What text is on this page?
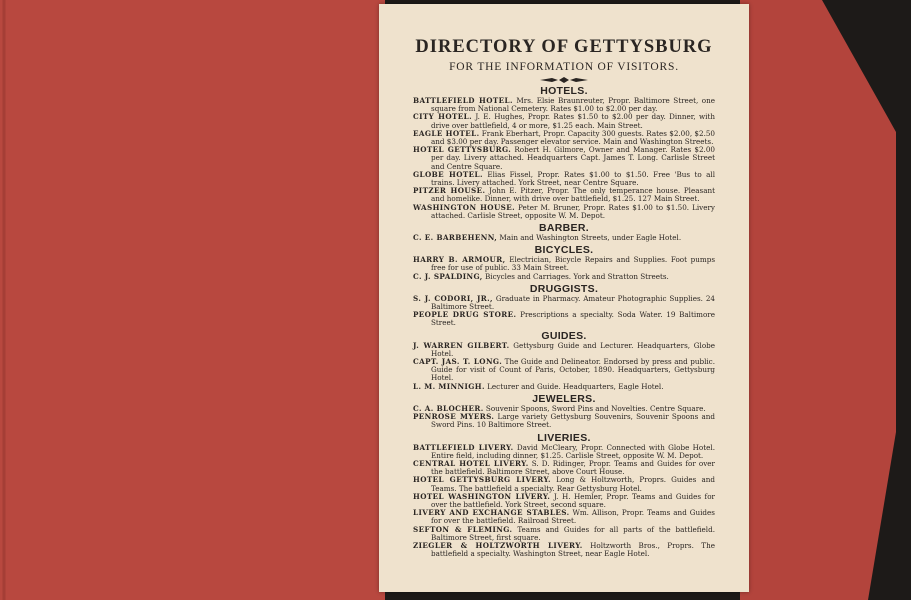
DIRECTORY OF GETTYSBURG
FOR THE INFORMATION OF VISITORS.
HOTELS.

BATTLEFIELD HOTEL. Mrs. Elsie Braunreuter, Propr. Baltimore Street, one square from National Cemetery. Rates $1.00 to $2.00 per day.

CITY HOTEL. J. E. Hughes, Propr. Rates $1.50 to $2.00 per day. Dinner, with drive over battlefield, 4 or more, $1.25 each. Main Street.

EAGLE HOTEL. Frank Eberhart, Propr. Capacity 300 guests. Rates $2.00, $2.50 and $3.00 per day. Passenger elevator service. Main and Washington Streets.

HOTEL GETTYSBURG. Robert H. Gilmore, Owner and Manager. Rates $2.00 per day. Livery attached. Headquarters Capt. James T. Long. Carlisle Street and Centre Square.

GLOBE HOTEL. Elias Fissel, Propr. Rates $1.00 to $1.50. Free 'Bus to all trains. Livery attached. York Street, near Centre Square.

PITZER HOUSE. John E. Pitzer, Propr. The only temperance house. Pleasant and homelike. Dinner, with drive over battlefield, $1.25. 127 Main Street.

WASHINGTON HOUSE. Peter M. Bruner, Propr. Rates $1.00 to $1.50. Livery attached. Carlisle Street, opposite W. M. Depot.

BARBER.

C. E. BARBEHENN, Main and Washington Streets, under Eagle Hotel.

BICYCLES.

HARRY B. ARMOUR, Electrician, Bicycle Repairs and Supplies. Foot pumps free for use of public. 33 Main Street.

C. J. SPALDING, Bicycles and Carriages. York and Stratton Streets.

DRUGGISTS.

S. J. CODORI, JR., Graduate in Pharmacy. Amateur Photographic Supplies. 24 Baltimore Street.

PEOPLE DRUG STORE. Prescriptions a specialty. Soda Water. 19 Baltimore Street.

GUIDES.

J. WARREN GILBERT. Gettysburg Guide and Lecturer. Headquarters, Globe Hotel.

CAPT. JAS. T. LONG. The Guide and Delineator. Endorsed by press and public. Guide for visit of Count of Paris, October, 1890. Headquarters, Gettysburg Hotel.

L. M. MINNIGH. Lecturer and Guide. Headquarters, Eagle Hotel.

JEWELERS.

C. A. BLOCHER. Souvenir Spoons, Sword Pins and Novelties. Centre Square.

PENROSE MYERS. Large variety Gettysburg Souvenirs, Souvenir Spoons and Sword Pins. 10 Baltimore Street.

LIVERIES.

BATTLEFIELD LIVERY. David McCleary, Propr. Connected with Globe Hotel. Entire field, including dinner, $1.25. Carlisle Street, opposite W. M. Depot.

CENTRAL HOTEL LIVERY. S. D. Ridinger, Propr. Teams and Guides for over the battlefield. Baltimore Street, above Court House.

HOTEL GETTYSBURG LIVERY. Long & Holtzworth, Proprs. Guides and Teams. The battlefield a specialty. Rear Gettysburg Hotel.

HOTEL WASHINGTON LIVERY. J. H. Hemler, Propr. Teams and Guides for over the battlefield. York Street, second square.

LIVERY AND EXCHANGE STABLES. Wm. Allison, Propr. Teams and Guides for over the battlefield. Railroad Street.

SEFTON & FLEMING. Teams and Guides for all parts of the battlefield. Baltimore Street, first square.

ZIEGLER & HOLTZWORTH LIVERY. Holtzworth Bros., Proprs. The battlefield a specialty. Washington Street, near Eagle Hotel.
